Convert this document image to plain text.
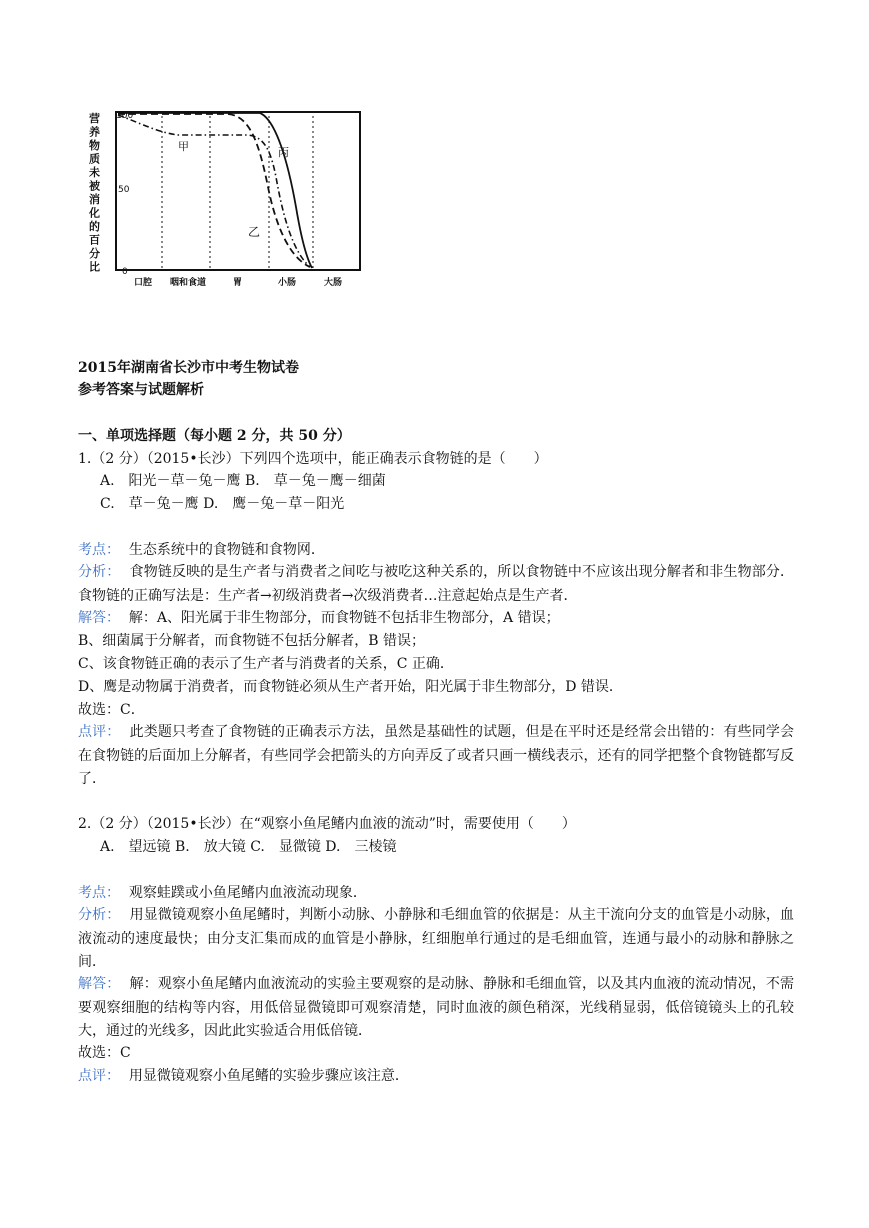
营养物质未被消化的百分比
100
50
0
甲	丙
乙
口腔 咽和食道	胃	小肠	大肠
2015年湖南省长沙市中考生物试卷
参考答案与试题解析
一、单项选择题（每小题 2 分，共 50 分）
1.（2 分）（2015•长沙）下列四个选项中，能正确表示食物链的是（　　）
A.　阳光－草－兔－鹰 B.　草－兔－鹰－细菌
C.　草－兔－鹰 D.　鹰－兔－草－阳光
考点： 生态系统中的食物链和食物网．
分析： 食物链反映的是生产者与消费者之间吃与被吃这种关系的，所以食物链中不应该出现分解者和非生物部分．食物链的正确写法是：生产者→初级消费者→次级消费者…注意起始点是生产者．
解答： 解：A、阳光属于非生物部分，而食物链不包括非生物部分，A 错误；
B、细菌属于分解者，而食物链不包括分解者，B 错误；
C、该食物链正确的表示了生产者与消费者的关系，C 正确．
D、鹰是动物属于消费者，而食物链必须从生产者开始，阳光属于非生物部分，D 错误．
故选：C．
点评： 此类题只考查了食物链的正确表示方法，虽然是基础性的试题，但是在平时还是经常会出错的：有些同学会在食物链的后面加上分解者，有些同学会把箭头的方向弄反了或者只画一横线表示，还有的同学把整个食物链都写反了．
2.（2 分）（2015•长沙）在“观察小鱼尾鳍内血液的流动”时，需要使用（　　）
A.　望远镜 B.　放大镜 C.　显微镜 D.　三棱镜
考点： 观察蛙蹼或小鱼尾鳍内血液流动现象．
分析： 用显微镜观察小鱼尾鳍时，判断小动脉、小静脉和毛细血管的依据是：从主干流向分支的血管是小动脉，血液流动的速度最快；由分支汇集而成的血管是小静脉，红细胞单行通过的是毛细血管，连通与最小的动脉和静脉之间．
解答： 解：观察小鱼尾鳍内血液流动的实验主要观察的是动脉、静脉和毛细血管，以及其内血液的流动情况，不需要观察细胞的结构等内容，用低倍显微镜即可观察清楚，同时血液的颜色稍深，光线稍显弱，低倍镜镜头上的孔较大，通过的光线多，因此此实验适合用低倍镜．
故选：C
点评： 用显微镜观察小鱼尾鳍的实验步骤应该注意．
